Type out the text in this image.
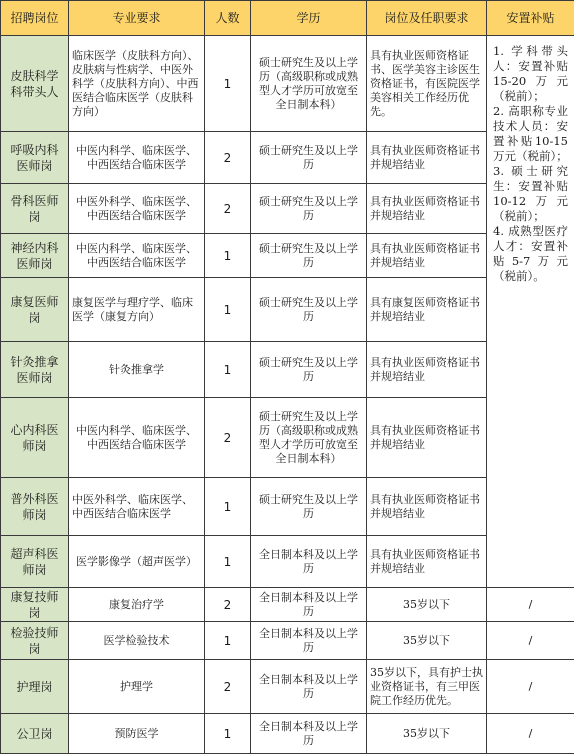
招聘岗位	专业要求	人数	学历	岗位及任职要求	安置补贴
皮肤科学科带头人	临床医学（皮肤科方向）、皮肤病与性病学、中医外科学（皮肤科方向）、中西医结合临床医学（皮肤科方向）	1	硕士研究生及以上学历（高级职称或成熟型人才学历可放宽至全日制本科）	具有执业医师资格证书、医学美容主诊医生资格证书，有医院医学美容相关工作经历优先。	1. 学科带头人：安置补贴15-20万元（税前）；
2. 高职称专业技术人员：安置补贴10-15万元（税前）；
3. 硕士研究生：安置补贴10-12万元（税前）；
4. 成熟型医疗人才：安置补贴5-7万元（税前）。
呼吸内科医师岗	中医内科学、临床医学、中西医结合临床医学	2	硕士研究生及以上学历	具有执业医师资格证书并规培结业	
骨科医师岗	中医外科学、临床医学、中西医结合临床医学	2	硕士研究生及以上学历	具有执业医师资格证书并规培结业	
神经内科医师岗	中医内科学、临床医学、中西医结合临床医学	1	硕士研究生及以上学历	具有执业医师资格证书并规培结业	
康复医师岗	康复医学与理疗学、临床医学（康复方向）	1	硕士研究生及以上学历	具有康复医师资格证书并规培结业	
针灸推拿医师岗	针灸推拿学	1	硕士研究生及以上学历	具有执业医师资格证书并规培结业	
心内科医师岗	中医内科学、临床医学、中西医结合临床医学	2	硕士研究生及以上学历（高级职称或成熟型人才学历可放宽至全日制本科）	具有执业医师资格证书并规培结业	
普外科医师岗	中医外科学、临床医学、中西医结合临床医学	1	硕士研究生及以上学历	具有执业医师资格证书并规培结业	
超声科医师岗	医学影像学（超声医学）	1	全日制本科及以上学历	具有执业医师资格证书并规培结业	
康复技师岗	康复治疗学	2	全日制本科及以上学历	35岁以下	/
检验技师岗	医学检验技术	1	全日制本科及以上学历	35岁以下	/
护理岗	护理学	2	全日制本科及以上学历	35岁以下，具有护士执业资格证书，有三甲医院工作经历优先。	/
公卫岗	预防医学	1	全日制本科及以上学历	35岁以下	/
